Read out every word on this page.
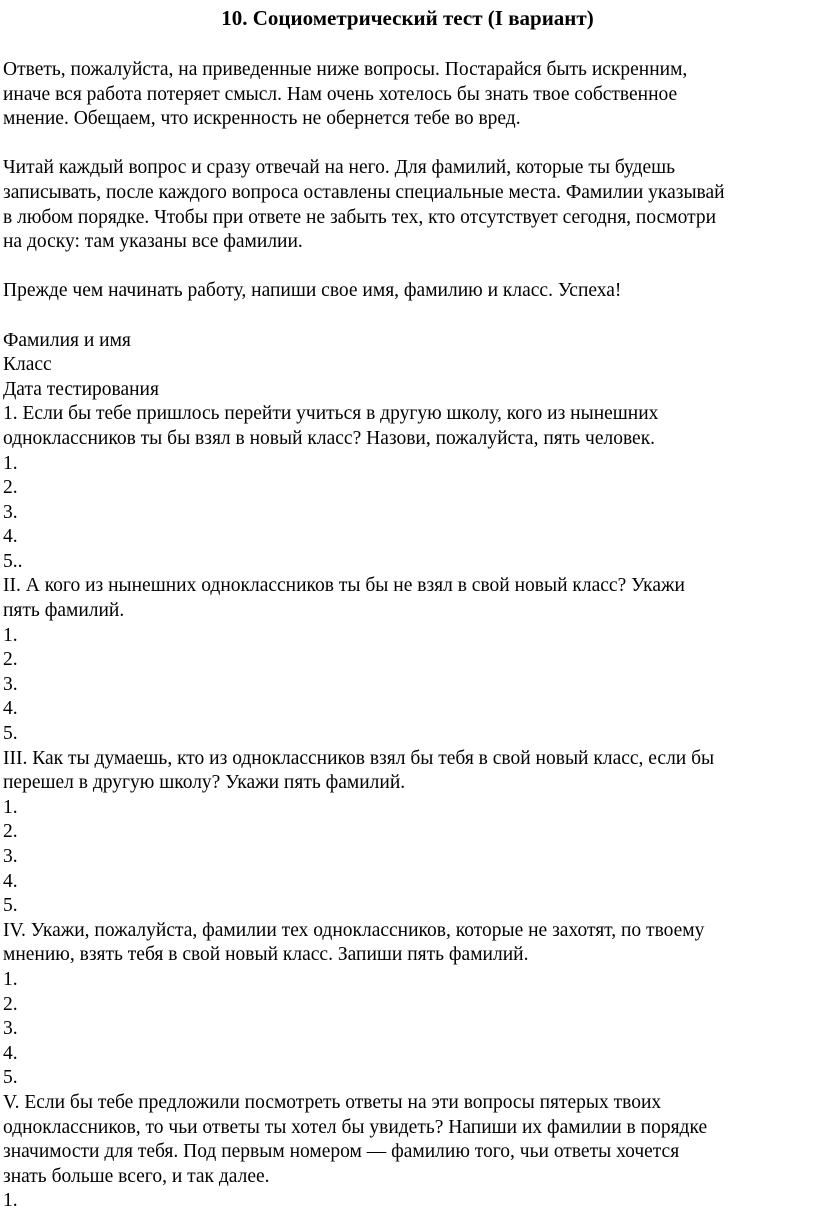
10. Социометрический тест (I вариант)

Ответь, пожалуйста, на приведенные ниже вопросы. Постарайся быть искренним,
иначе вся работа потеряет смысл. Нам очень хотелось бы знать твое собственное
мнение. Обещаем, что искренность не обернется тебе во вред.

Читай каждый вопрос и сразу отвечай на него. Для фамилий, которые ты будешь
записывать, после каждого вопроса оставлены специальные места. Фамилии указывай
в любом порядке. Чтобы при ответе не забыть тех, кто отсутствует сегодня, посмотри
на доску: там указаны все фамилии.

Прежде чем начинать работу, напиши свое имя, фамилию и класс. Успеха!

Фамилия и имя
Класс
Дата тестирования

1. Если бы тебе пришлось перейти учиться в другую школу, кого из нынешних
одноклассников ты бы взял в новый класс? Назови, пожалуйста, пять человек.

1.
2.
3.
4.
5..

II. А кого из нынешних одноклассников ты бы не взял в свой новый класс? Укажи
пять фамилий.

1.
2.
3.
4.
5.

III. Как ты думаешь, кто из одноклассников взял бы тебя в свой новый класс, если бы
перешел в другую школу? Укажи пять фамилий.

1.
2.
3.
4.
5.

IV. Укажи, пожалуйста, фамилии тех одноклассников, которые не захотят, по твоему
мнению, взять тебя в свой новый класс. Запиши пять фамилий.

1.
2.
3.
4.
5.

V. Если бы тебе предложили посмотреть ответы на эти вопросы пятерых твоих
одноклассников, то чьи ответы ты хотел бы увидеть? Напиши их фамилии в порядке
значимости для тебя. Под первым номером — фамилию того, чьи ответы хочется
знать больше всего, и так далее.

1.
